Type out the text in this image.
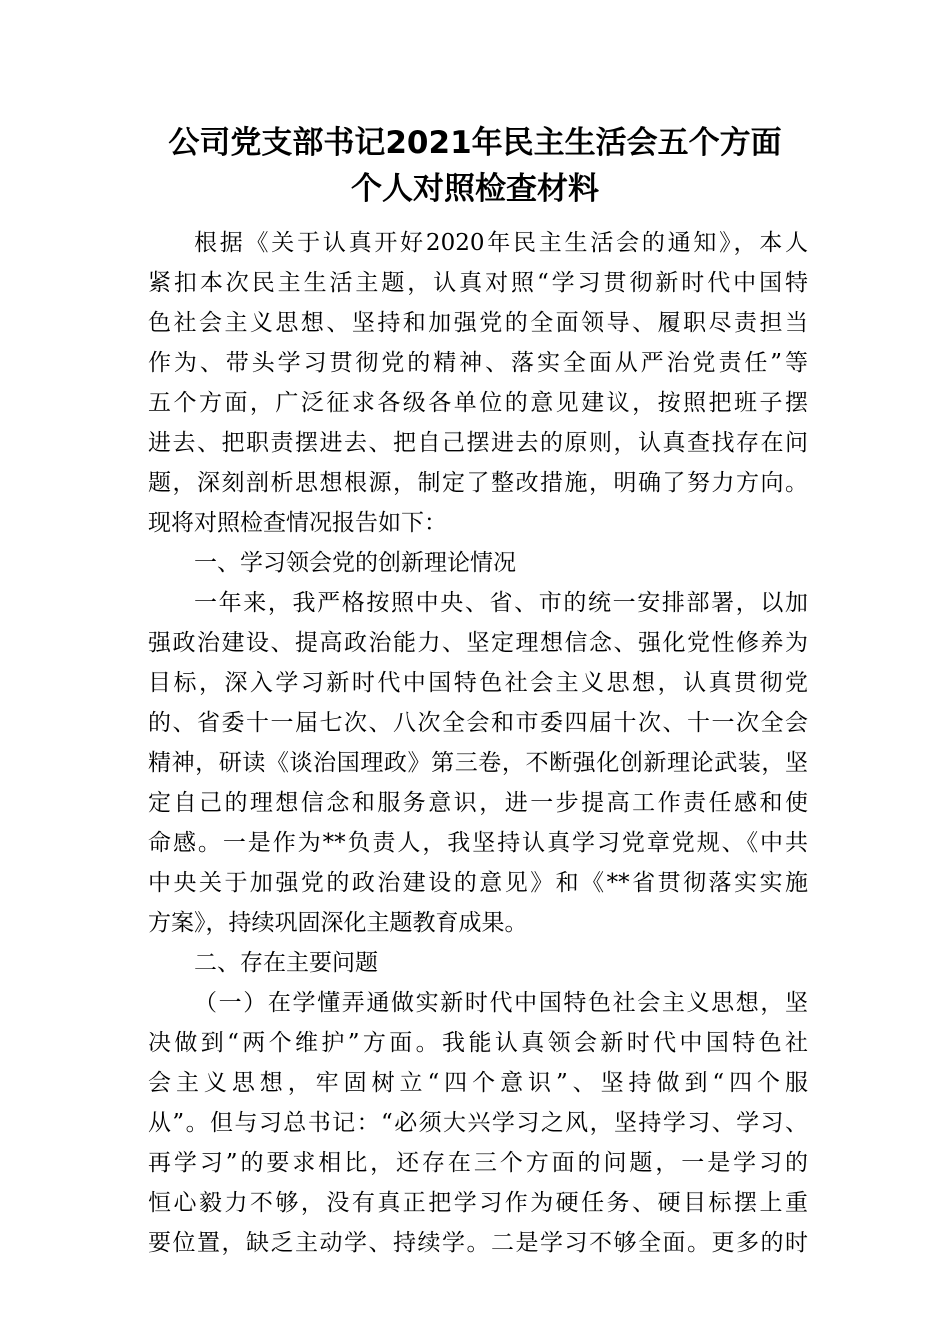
公司党支部书记2021年民主生活会五个方面
个人对照检查材料
根据《关于认真开好2020年民主生活会的通知》，本人
紧扣本次民主生活主题，认真对照“学习贯彻新时代中国特
色社会主义思想、坚持和加强党的全面领导、履职尽责担当
作为、带头学习贯彻党的精神、落实全面从严治党责任”等
五个方面，广泛征求各级各单位的意见建议，按照把班子摆
进去、把职责摆进去、把自己摆进去的原则，认真查找存在问
题，深刻剖析思想根源，制定了整改措施，明确了努力方向。
现将对照检查情况报告如下：
一、学习领会党的创新理论情况
一年来，我严格按照中央、省、市的统一安排部署，以加
强政治建设、提高政治能力、坚定理想信念、强化党性修养为
目标，深入学习新时代中国特色社会主义思想，认真贯彻党
的、省委十一届七次、八次全会和市委四届十次、十一次全会
精神，研读《谈治国理政》第三卷，不断强化创新理论武装，坚
定自己的理想信念和服务意识，进一步提高工作责任感和使
命感。一是作为**负责人，我坚持认真学习党章党规、《中共
中央关于加强党的政治建设的意见》和《**省贯彻落实实施
方案》，持续巩固深化主题教育成果。
二、存在主要问题
（一）在学懂弄通做实新时代中国特色社会主义思想，坚
决做到“两个维护”方面。我能认真领会新时代中国特色社
会主义思想，牢固树立“四个意识”、坚持做到“四个服
从”。但与习总书记：“必须大兴学习之风，坚持学习、学习、
再学习”的要求相比，还存在三个方面的问题，一是学习的
恒心毅力不够，没有真正把学习作为硬任务、硬目标摆上重
要位置，缺乏主动学、持续学。二是学习不够全面。更多的时
